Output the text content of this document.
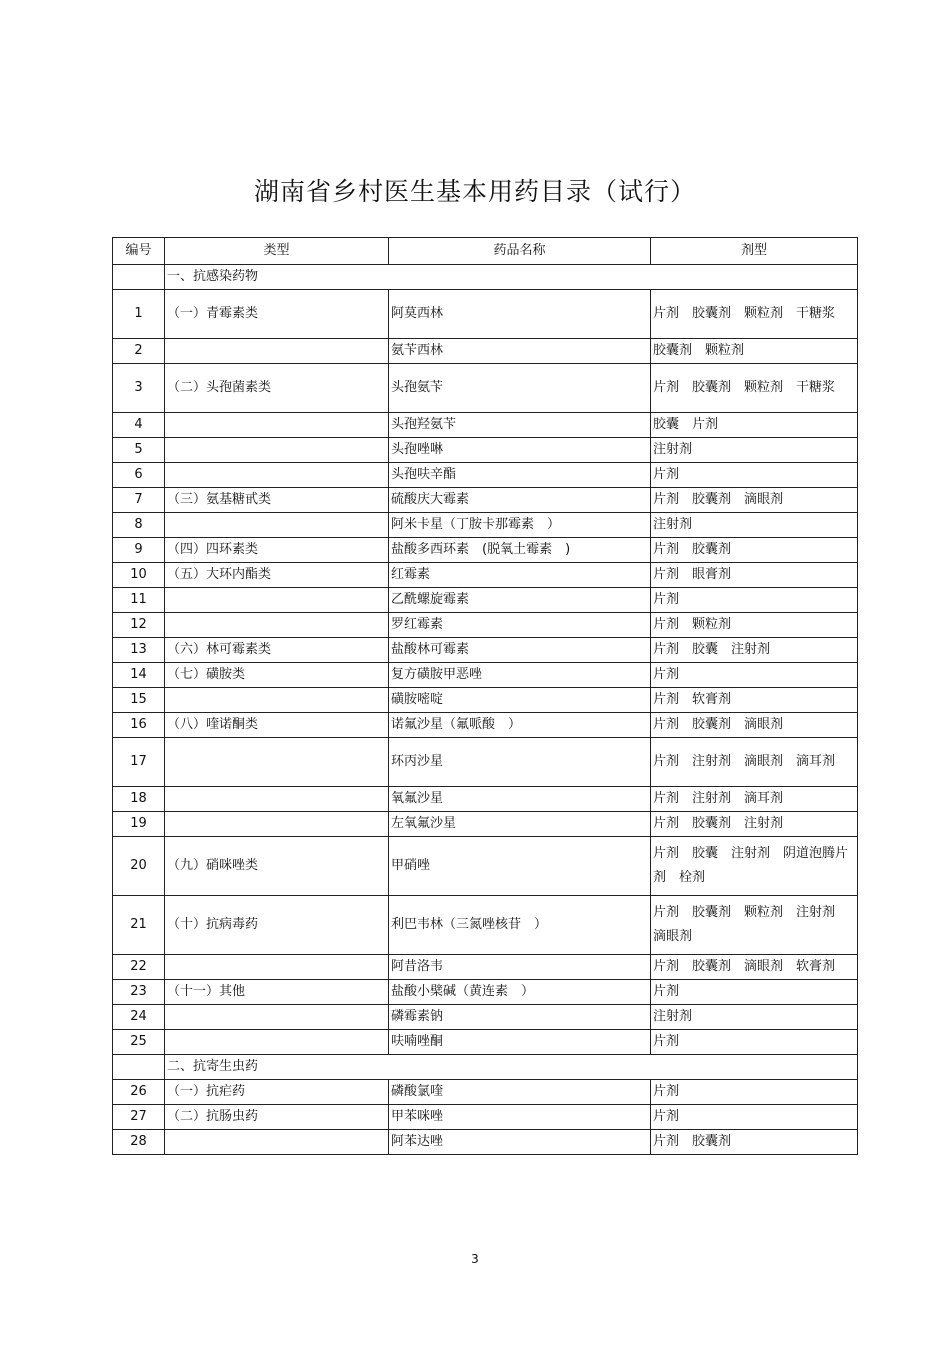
湖南省乡村医生基本用药目录（试行）
编号	类型	药品名称	剂型
	一、抗感染药物		
1	（一）青霉素类	阿莫西林	片剂　胶囊剂　颗粒剂　干糖浆
2		氨苄西林	胶囊剂　颗粒剂
3	（二）头孢菌素类	头孢氨苄	片剂　胶囊剂　颗粒剂　干糖浆
4		头孢羟氨苄	胶囊　片剂
5		头孢唑啉	注射剂
6		头孢呋辛酯	片剂
7	（三）氨基糖甙类	硫酸庆大霉素	片剂　胶囊剂　滴眼剂
8		阿米卡星（丁胺卡那霉素　）	注射剂
9	（四）四环素类	盐酸多西环素　(脱氧土霉素　)	片剂　胶囊剂
10	（五）大环内酯类	红霉素	片剂　眼膏剂
11		乙酰螺旋霉素	片剂
12		罗红霉素	片剂　颗粒剂
13	（六）林可霉素类	盐酸林可霉素	片剂　胶囊　注射剂
14	（七）磺胺类	复方磺胺甲恶唑	片剂
15		磺胺嘧啶	片剂　软膏剂
16	（八）喹诺酮类	诺氟沙星（氟哌酸　）	片剂　胶囊剂　滴眼剂
17		环丙沙星	片剂　注射剂　滴眼剂　滴耳剂
18		氧氟沙星	片剂　注射剂　滴耳剂
19		左氧氟沙星	片剂　胶囊剂　注射剂
20	（九）硝咪唑类	甲硝唑	片剂　胶囊　注射剂　阴道泡腾片剂　栓剂
21	（十）抗病毒药	利巴韦林（三氮唑核苷　）	片剂　胶囊剂　颗粒剂　注射剂　滴眼剂
22		阿昔洛韦	片剂　胶囊剂　滴眼剂　软膏剂
23	（十一）其他	盐酸小檗碱（黄连素　）	片剂
24		磷霉素钠	注射剂
25		呋喃唑酮	片剂
	二、抗寄生虫药		
26	（一）抗疟药	磷酸氯喹	片剂
27	（二）抗肠虫药	甲苯咪唑	片剂
28		阿苯达唑	片剂　胶囊剂
3
